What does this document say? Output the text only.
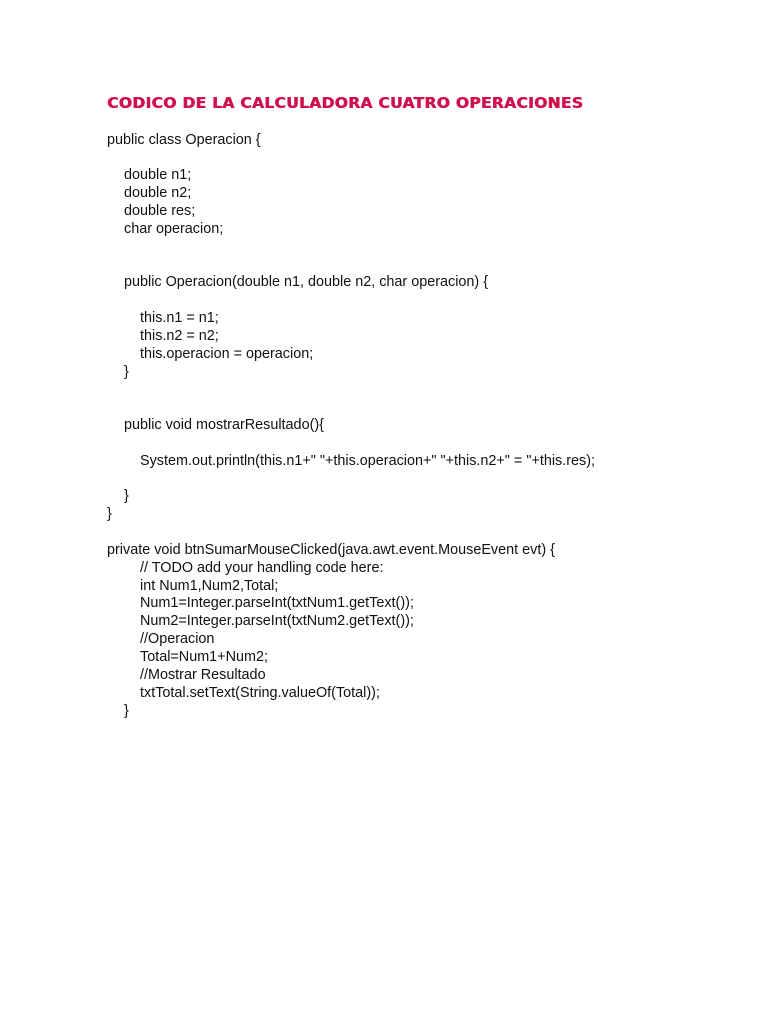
CODICO DE LA CALCULADORA CUATRO OPERACIONES
public class Operacion {
double n1;
double n2;
double res;
char operacion;
public Operacion(double n1, double n2, char operacion) {
this.n1 = n1;
this.n2 = n2;
this.operacion = operacion;
}
public void mostrarResultado(){
System.out.println(this.n1+" "+this.operacion+" "+this.n2+" = "+this.res);
}
}
private void btnSumarMouseClicked(java.awt.event.MouseEvent evt) {
// TODO add your handling code here:
int Num1,Num2,Total;
Num1=Integer.parseInt(txtNum1.getText());
Num2=Integer.parseInt(txtNum2.getText());
//Operacion
Total=Num1+Num2;
//Mostrar Resultado
txtTotal.setText(String.valueOf(Total));
}
